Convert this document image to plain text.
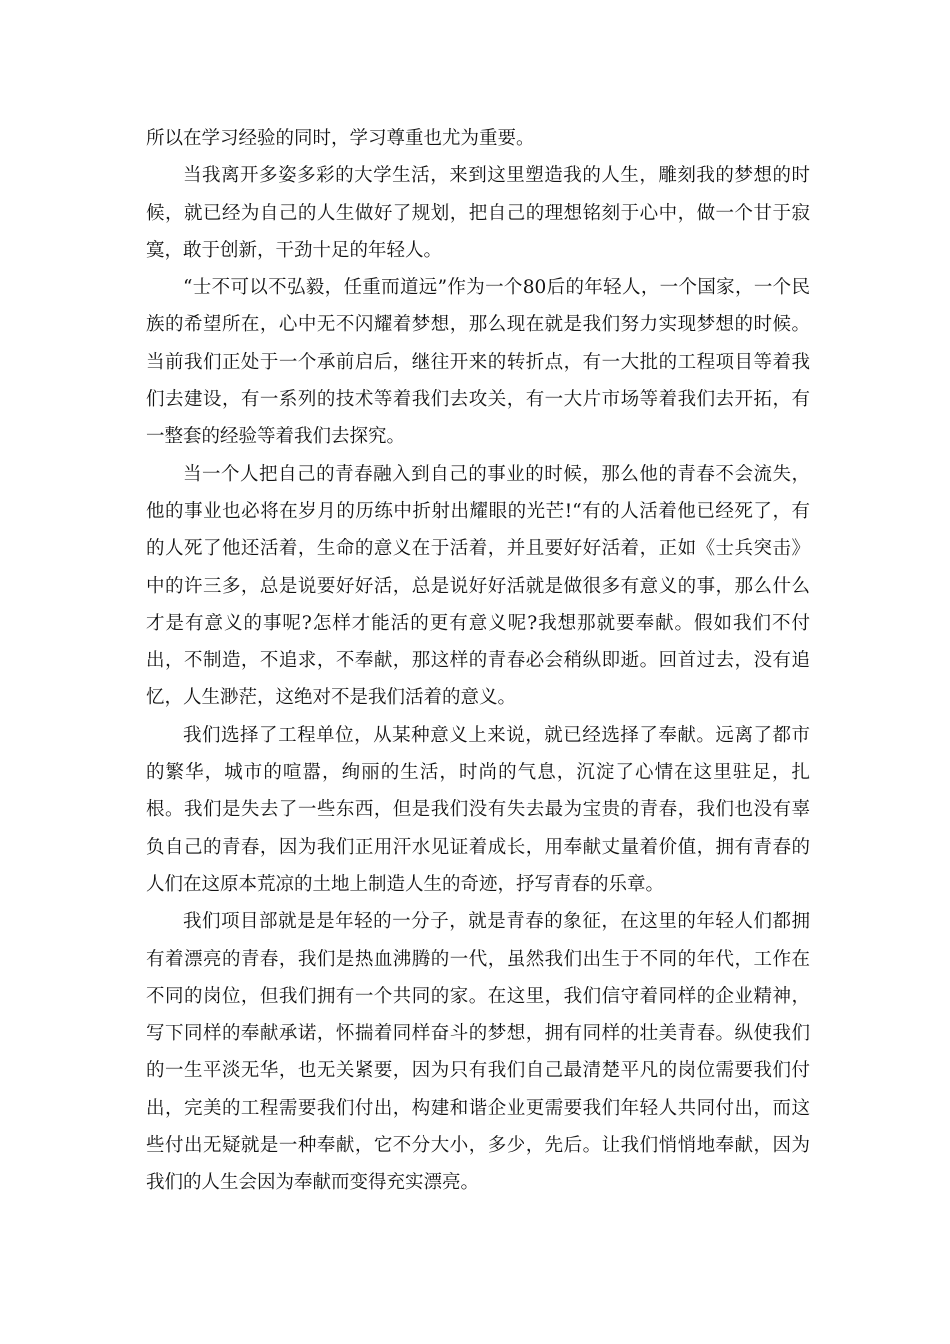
所以在学习经验的同时，学习尊重也尤为重要。

当我离开多姿多彩的大学生活，来到这里塑造我的人生，雕刻我的梦想的时候，就已经为自己的人生做好了规划，把自己的理想铭刻于心中，做一个甘于寂寞，敢于创新，干劲十足的年轻人。

“士不可以不弘毅，任重而道远”作为一个80后的年轻人，一个国家，一个民族的希望所在，心中无不闪耀着梦想，那么现在就是我们努力实现梦想的时候。当前我们正处于一个承前启后，继往开来的转折点，有一大批的工程项目等着我们去建设，有一系列的技术等着我们去攻关，有一大片市场等着我们去开拓，有一整套的经验等着我们去探究。

当一个人把自己的青春融入到自己的事业的时候，那么他的青春不会流失，他的事业也必将在岁月的历练中折射出耀眼的光芒!“有的人活着他已经死了，有的人死了他还活着，生命的意义在于活着，并且要好好活着，正如《士兵突击》中的许三多，总是说要好好活，总是说好好活就是做很多有意义的事，那么什么才是有意义的事呢?怎样才能活的更有意义呢?我想那就要奉献。假如我们不付出，不制造，不追求，不奉献，那这样的青春必会稍纵即逝。回首过去，没有追忆，人生渺茫，这绝对不是我们活着的意义。

我们选择了工程单位，从某种意义上来说，就已经选择了奉献。远离了都市的繁华，城市的喧嚣，绚丽的生活，时尚的气息，沉淀了心情在这里驻足，扎根。我们是失去了一些东西，但是我们没有失去最为宝贵的青春，我们也没有辜负自己的青春，因为我们正用汗水见证着成长，用奉献丈量着价值，拥有青春的人们在这原本荒凉的土地上制造人生的奇迹，抒写青春的乐章。

我们项目部就是是年轻的一分子，就是青春的象征，在这里的年轻人们都拥有着漂亮的青春，我们是热血沸腾的一代，虽然我们出生于不同的年代，工作在不同的岗位，但我们拥有一个共同的家。在这里，我们信守着同样的企业精神，写下同样的奉献承诺，怀揣着同样奋斗的梦想，拥有同样的壮美青春。纵使我们的一生平淡无华，也无关紧要，因为只有我们自己最清楚平凡的岗位需要我们付出，完美的工程需要我们付出，构建和谐企业更需要我们年轻人共同付出，而这些付出无疑就是一种奉献，它不分大小，多少，先后。让我们悄悄地奉献，因为我们的人生会因为奉献而变得充实漂亮。
